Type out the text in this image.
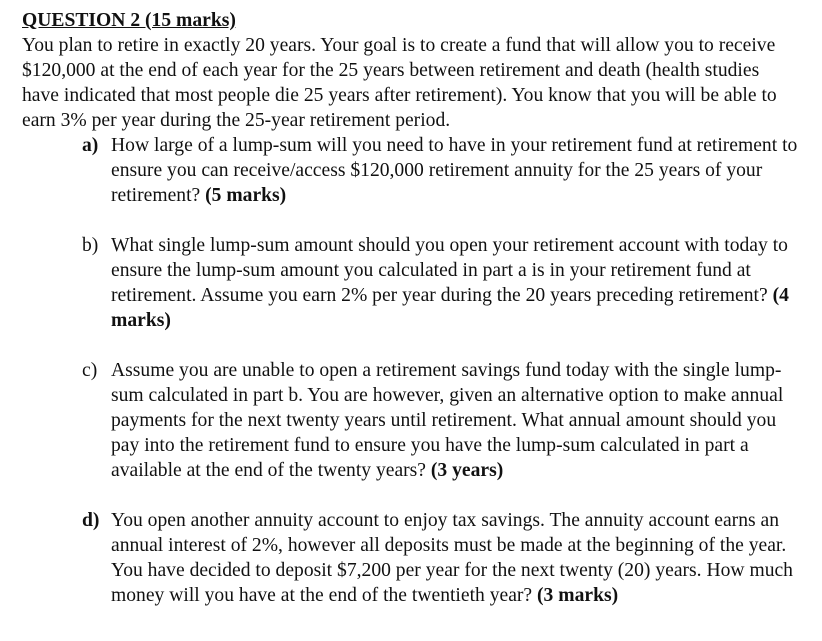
QUESTION 2 (15 marks)

You plan to retire in exactly 20 years. Your goal is to create a fund that will allow you to receive $120,000 at the end of each year for the 25 years between retirement and death (health studies have indicated that most people die 25 years after retirement). You know that you will be able to earn 3% per year during the 25-year retirement period.

a) How large of a lump-sum will you need to have in your retirement fund at retirement to ensure you can receive/access $120,000 retirement annuity for the 25 years of your retirement? (5 marks)
b) What single lump-sum amount should you open your retirement account with today to ensure the lump-sum amount you calculated in part a is in your retirement fund at retirement. Assume you earn 2% per year during the 20 years preceding retirement? (4 marks)
c) Assume you are unable to open a retirement savings fund today with the single lump-sum calculated in part b. You are however, given an alternative option to make annual payments for the next twenty years until retirement. What annual amount should you pay into the retirement fund to ensure you have the lump-sum calculated in part a available at the end of the twenty years? (3 years)
d) You open another annuity account to enjoy tax savings. The annuity account earns an annual interest of 2%, however all deposits must be made at the beginning of the year. You have decided to deposit $7,200 per year for the next twenty (20) years. How much money will you have at the end of the twentieth year? (3 marks)
